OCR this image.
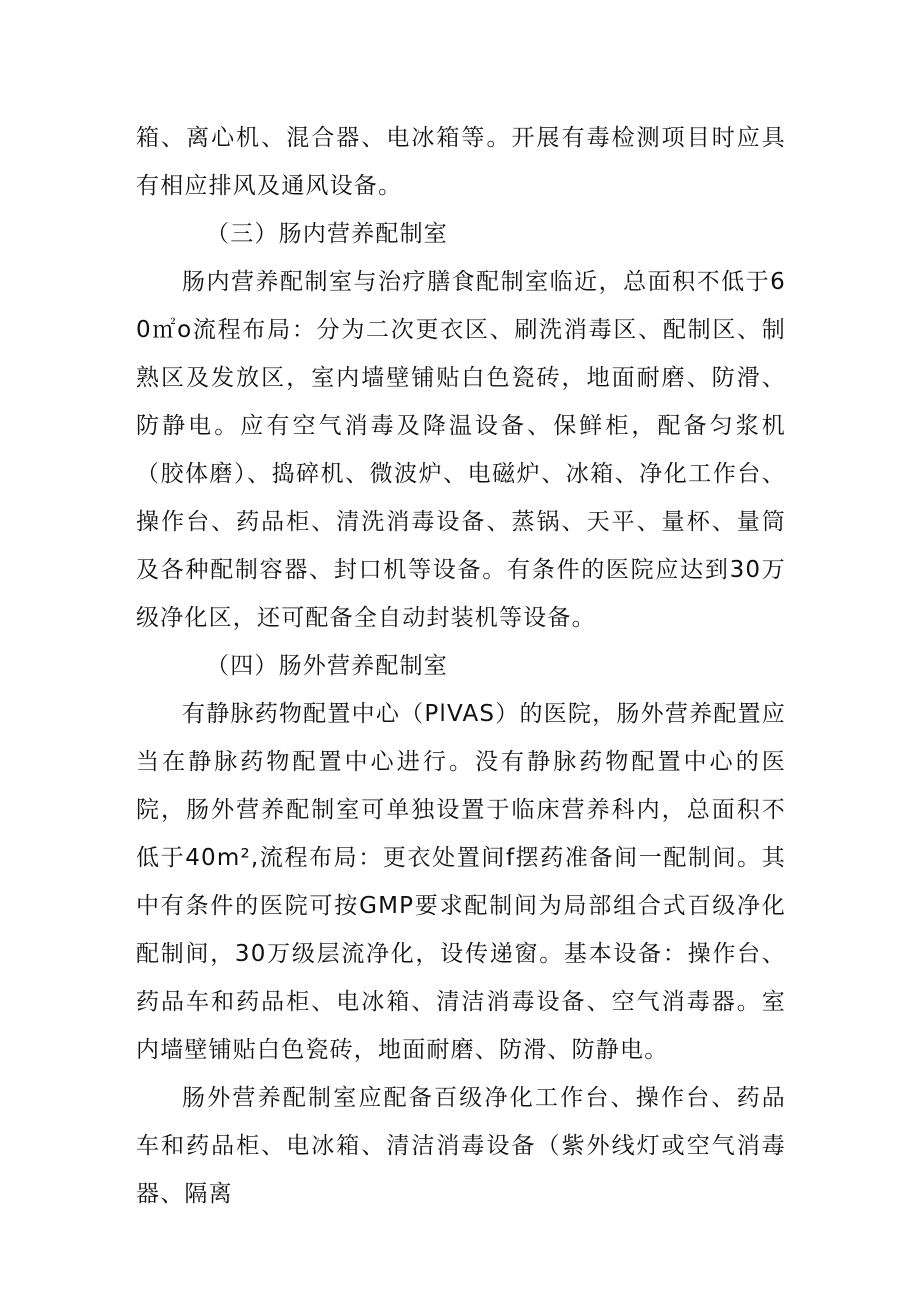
箱、离心机、混合器、电冰箱等。开展有毒检测项目时应具有相应排风及通风设备。

（三）肠内营养配制室

肠内营养配制室与治疗膳食配制室临近，总面积不低于60㎡o流程布局：分为二次更衣区、刷洗消毒区、配制区、制熟区及发放区，室内墙壁铺贴白色瓷砖，地面耐磨、防滑、防静电。应有空气消毒及降温设备、保鲜柜，配备匀浆机（胶体磨）、捣碎机、微波炉、电磁炉、冰箱、净化工作台、操作台、药品柜、清洗消毒设备、蒸锅、天平、量杯、量筒及各种配制容器、封口机等设备。有条件的医院应达到30万级净化区，还可配备全自动封装机等设备。

（四）肠外营养配制室

有静脉药物配置中心（PlVAS）的医院，肠外营养配置应当在静脉药物配置中心进行。没有静脉药物配置中心的医院，肠外营养配制室可单独设置于临床营养科内，总面积不低于40m²,流程布局：更衣处置间f摆药准备间一配制间。其中有条件的医院可按GMP要求配制间为局部组合式百级净化配制间，30万级层流净化，设传递窗。基本设备：操作台、药品车和药品柜、电冰箱、清洁消毒设备、空气消毒器。室内墙壁铺贴白色瓷砖，地面耐磨、防滑、防静电。

肠外营养配制室应配备百级净化工作台、操作台、药品车和药品柜、电冰箱、清洁消毒设备（紫外线灯或空气消毒器、隔离
